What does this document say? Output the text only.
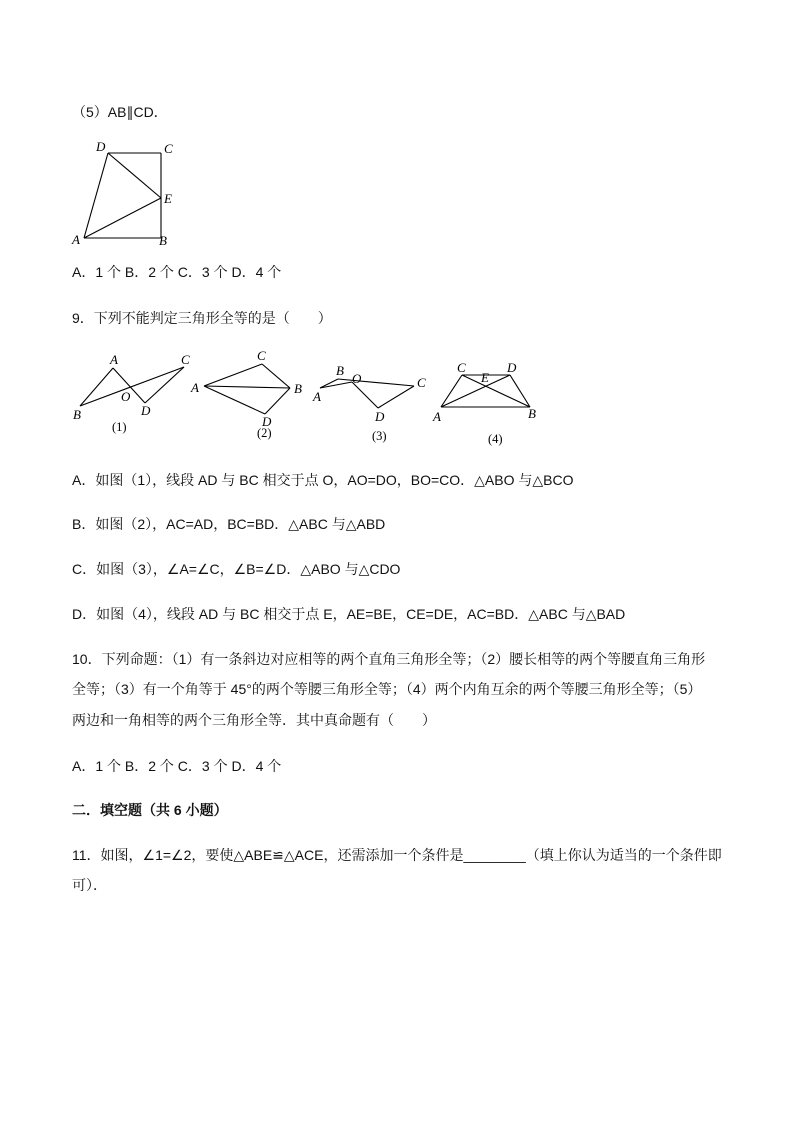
（5）AB∥CD．
A．1 个 B．2 个 C．3 个 D．4 个
9．下列不能判定三角形全等的是（　　）
A．如图（1），线段 AD 与 BC 相交于点 O，AO=DO，BO=CO．△ABO 与△BCO
B．如图（2），AC=AD，BC=BD．△ABC 与△ABD
C．如图（3），∠A=∠C，∠B=∠D．△ABO 与△CDO
D．如图（4），线段 AD 与 BC 相交于点 E，AE=BE，CE=DE，AC=BD．△ABC 与△BAD
10．下列命题：（1）有一条斜边对应相等的两个直角三角形全等；（2）腰长相等的两个等腰直角三角形
全等；（3）有一个角等于 45°的两个等腰三角形全等；（4）两个内角互余的两个等腰三角形全等；（5）
两边和一角相等的两个三角形全等．其中真命题有（　　）
A．1 个 B．2 个 C．3 个 D．4 个
二．填空题（共 6 小题）
11．如图，∠1=∠2，要使△ABE≌△ACE，还需添加一个条件是________（填上你认为适当的一个条件即
可）．
D	C
E
A	B
A	C
B
O
D
(1)
C
A	B
D
(2)
B
O	C
A
D
(3)
C
E
D
A	B
(4)
